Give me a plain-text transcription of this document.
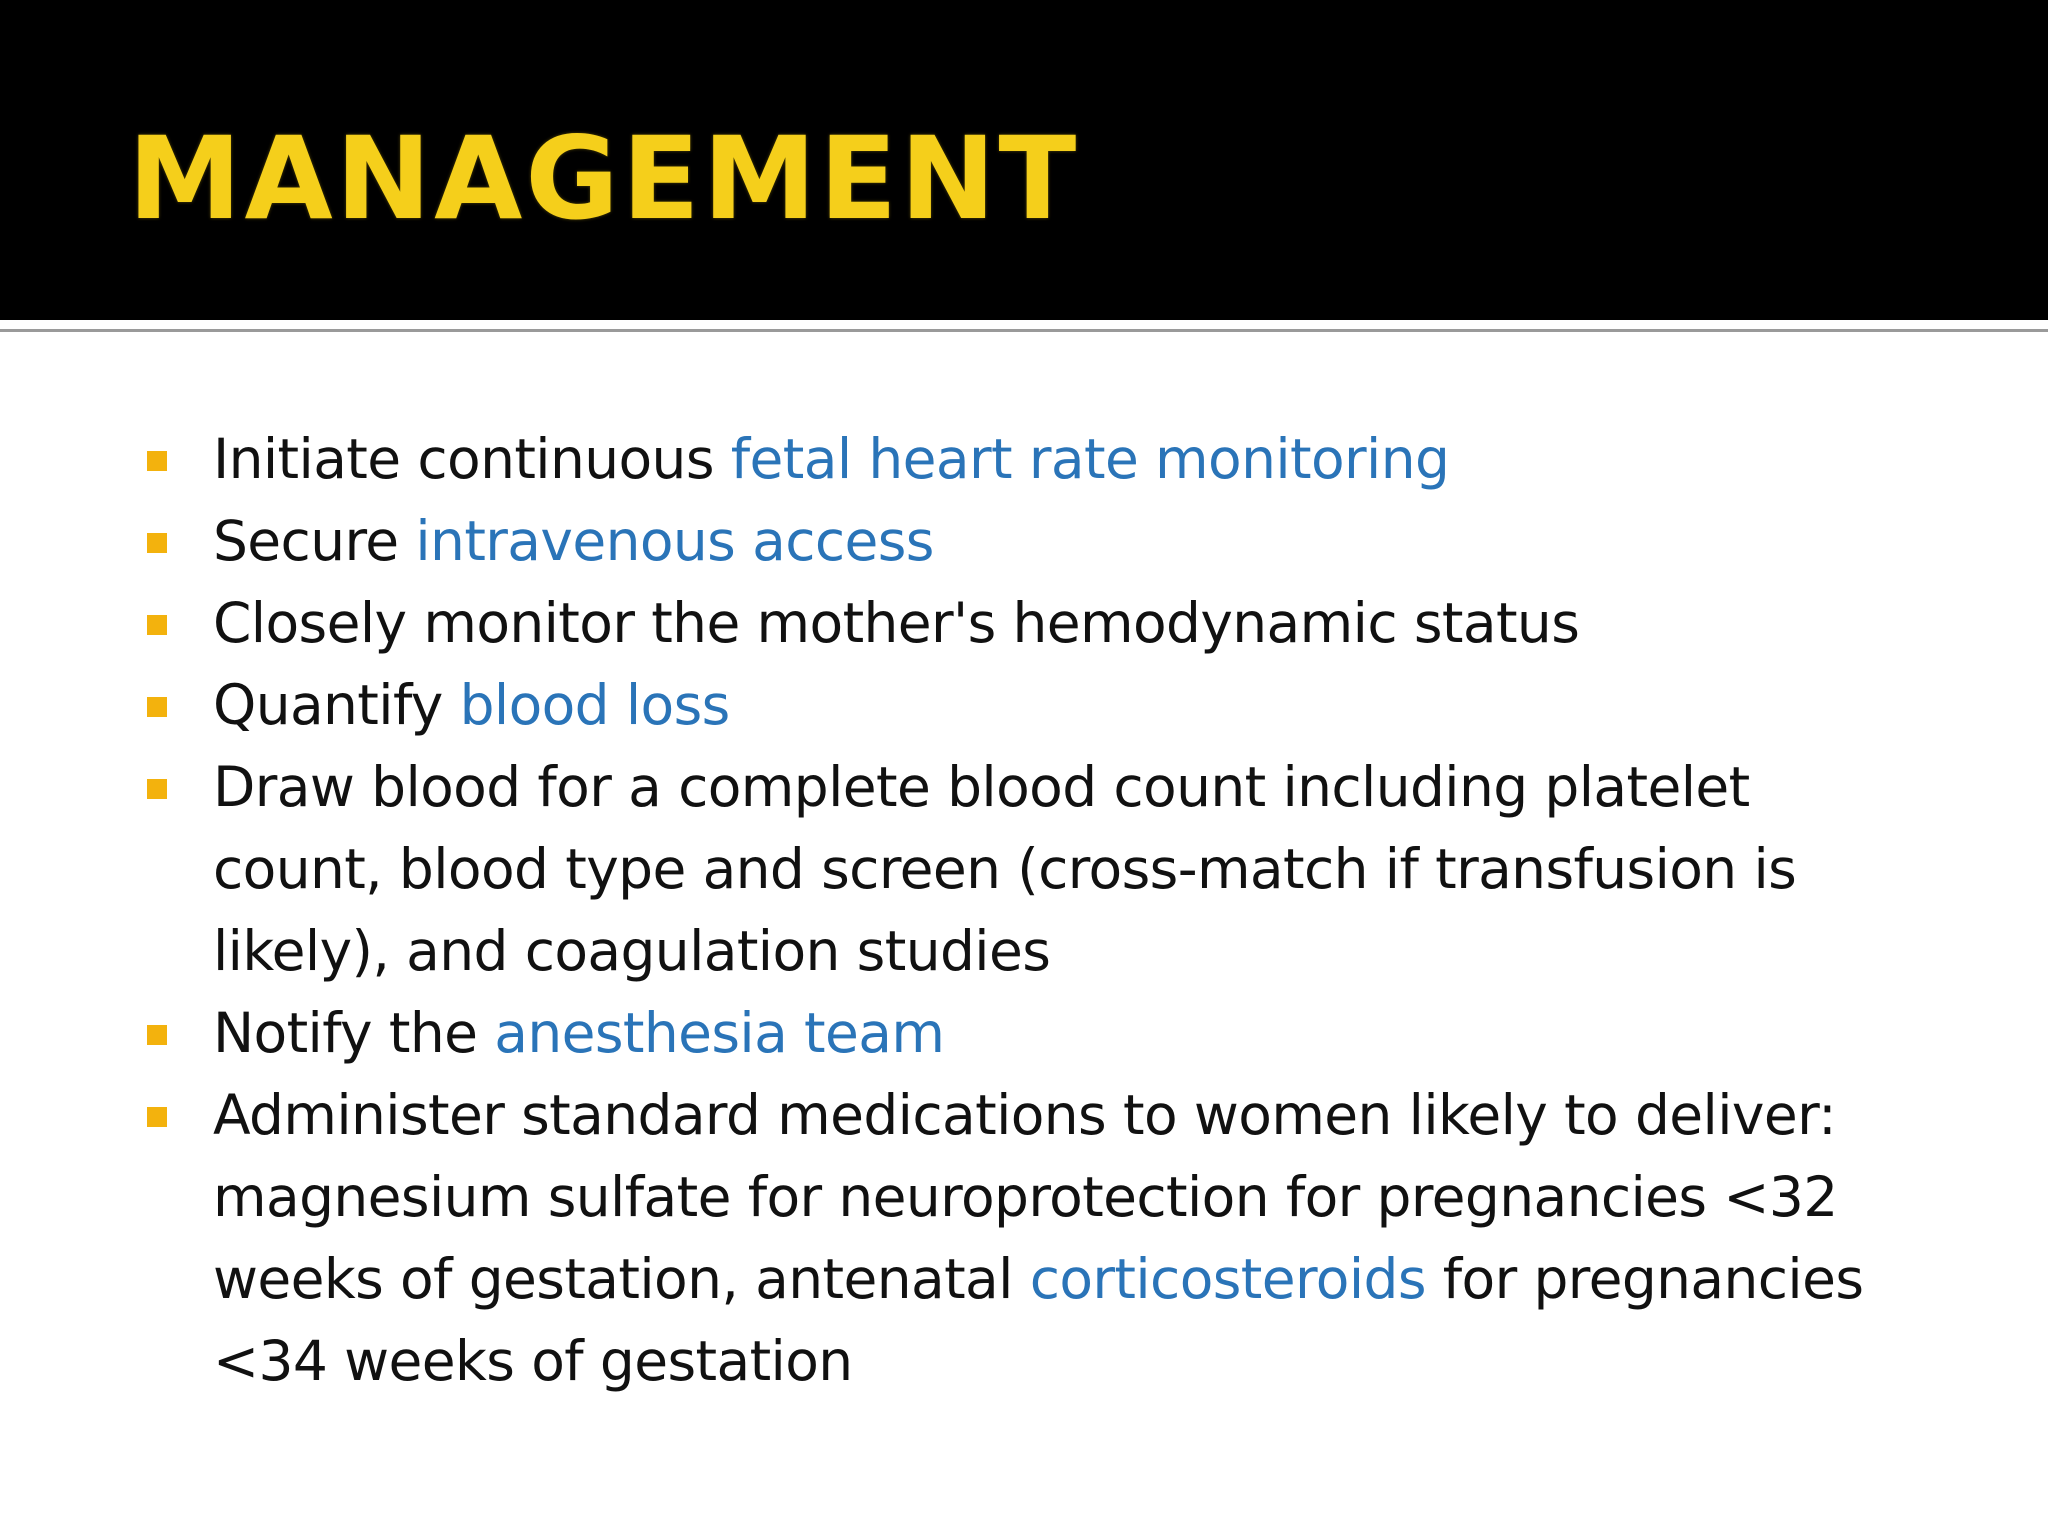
MANAGEMENT
Initiate continuous fetal heart rate monitoring
Secure intravenous access
Closely monitor the mother's hemodynamic status
Quantify blood loss
Draw blood for a complete blood count including platelet count, blood type and screen (cross-match if transfusion is likely), and coagulation studies
Notify the anesthesia team
Administer standard medications to women likely to deliver: magnesium sulfate for neuroprotection for pregnancies <32 weeks of gestation, antenatal corticosteroids for pregnancies <34 weeks of gestation
